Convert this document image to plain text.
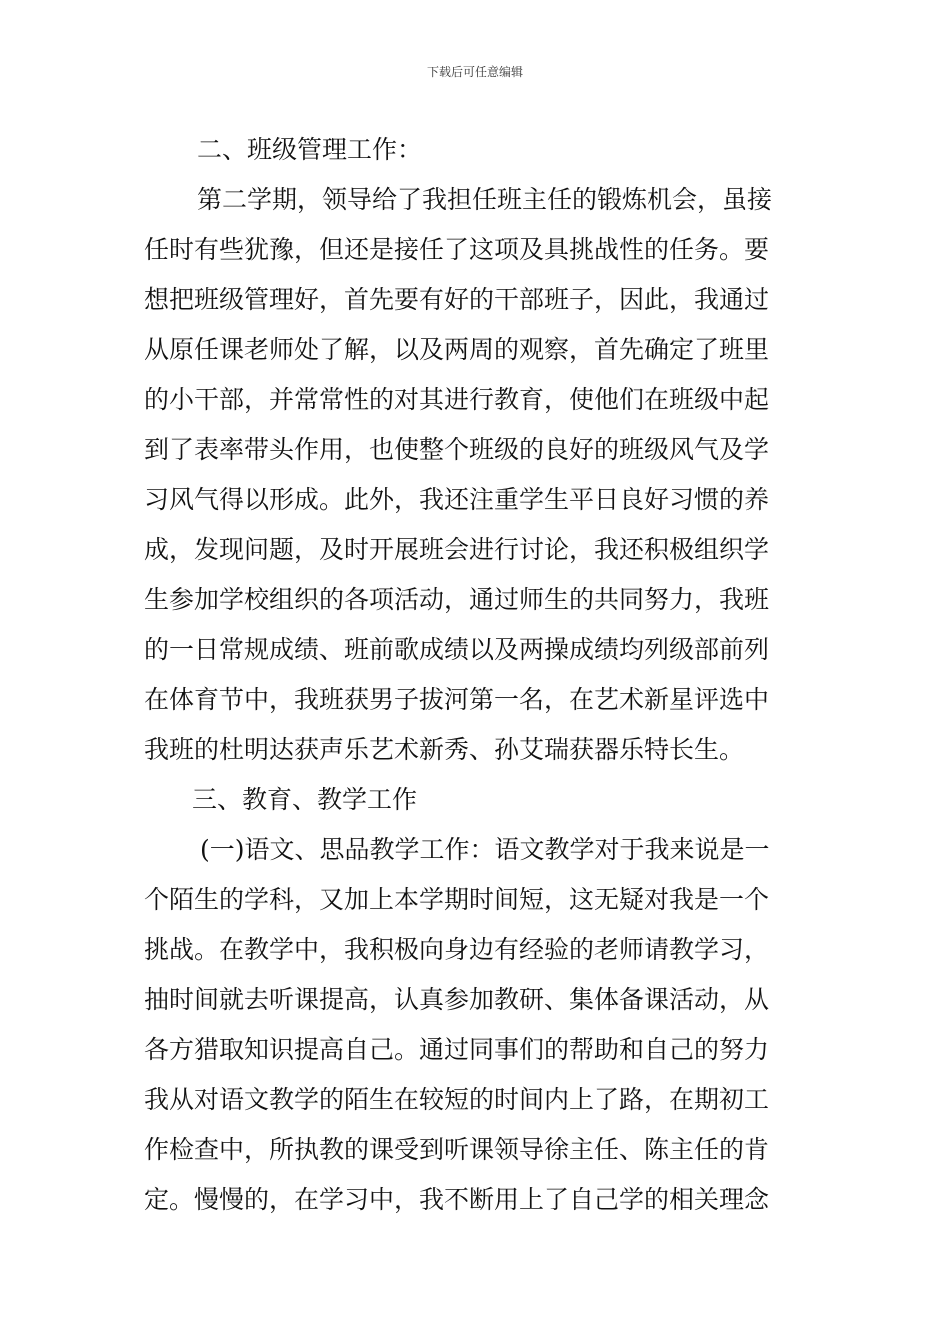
下载后可任意编辑
二、班级管理工作：
第二学期，领导给了我担任班主任的锻炼机会，虽接
任时有些犹豫，但还是接任了这项及具挑战性的任务。要
想把班级管理好，首先要有好的干部班子，因此，我通过
从原任课老师处了解，以及两周的观察，首先确定了班里
的小干部，并常常性的对其进行教育，使他们在班级中起
到了表率带头作用，也使整个班级的良好的班级风气及学
习风气得以形成。此外，我还注重学生平日良好习惯的养
成，发现问题，及时开展班会进行讨论，我还积极组织学
生参加学校组织的各项活动，通过师生的共同努力，我班
的一日常规成绩、班前歌成绩以及两操成绩均列级部前列
在体育节中，我班获男子拔河第一名，在艺术新星评选中
我班的杜明达获声乐艺术新秀、孙艾瑞获器乐特长生。
三、教育、教学工作
(一)语文、思品教学工作：语文教学对于我来说是一
个陌生的学科，又加上本学期时间短，这无疑对我是一个
挑战。在教学中，我积极向身边有经验的老师请教学习，
抽时间就去听课提高，认真参加教研、集体备课活动，从
各方猎取知识提高自己。通过同事们的帮助和自己的努力
我从对语文教学的陌生在较短的时间内上了路，在期初工
作检查中，所执教的课受到听课领导徐主任、陈主任的肯
定。慢慢的，在学习中，我不断用上了自己学的相关理念
